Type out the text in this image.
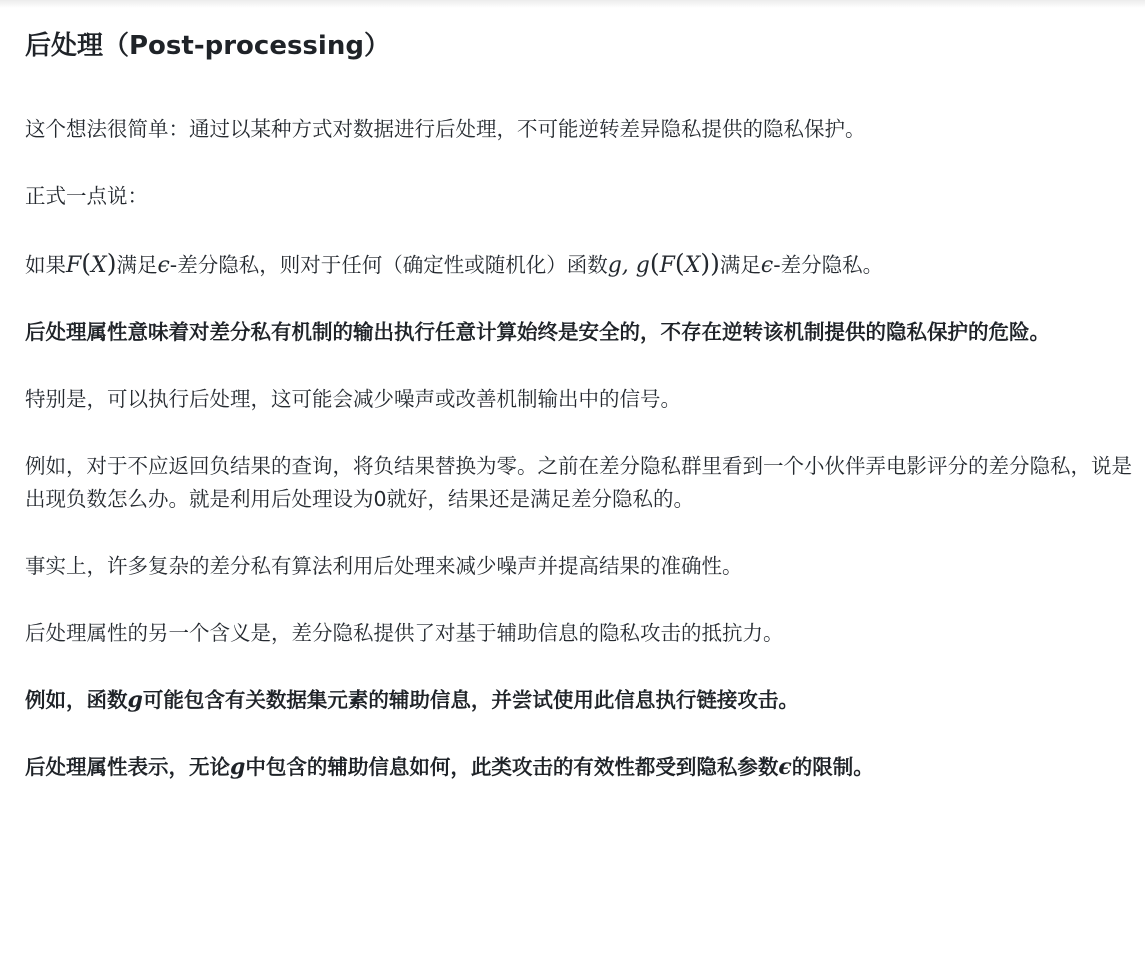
后处理（Post-processing）

这个想法很简单：通过以某种方式对数据进行后处理，不可能逆转差异隐私提供的隐私保护。

正式一点说：

如果F(X)满足ϵ-差分隐私，则对于任何（确定性或随机化）函数g, g(F(X))满足ϵ-差分隐私。

后处理属性意味着对差分私有机制的输出执行任意计算始终是安全的，不存在逆转该机制提供的隐私保护的危险。

特别是，可以执行后处理，这可能会减少噪声或改善机制输出中的信号。

例如，对于不应返回负结果的查询，将负结果替换为零。之前在差分隐私群里看到一个小伙伴弄电影评分的差分隐私，说是出现负数怎么办。就是利用后处理设为0就好，结果还是满足差分隐私的。

事实上，许多复杂的差分私有算法利用后处理来减少噪声并提高结果的准确性。

后处理属性的另一个含义是，差分隐私提供了对基于辅助信息的隐私攻击的抵抗力。

例如，函数g可能包含有关数据集元素的辅助信息，并尝试使用此信息执行链接攻击。

后处理属性表示，无论g中包含的辅助信息如何，此类攻击的有效性都受到隐私参数ϵ的限制。
